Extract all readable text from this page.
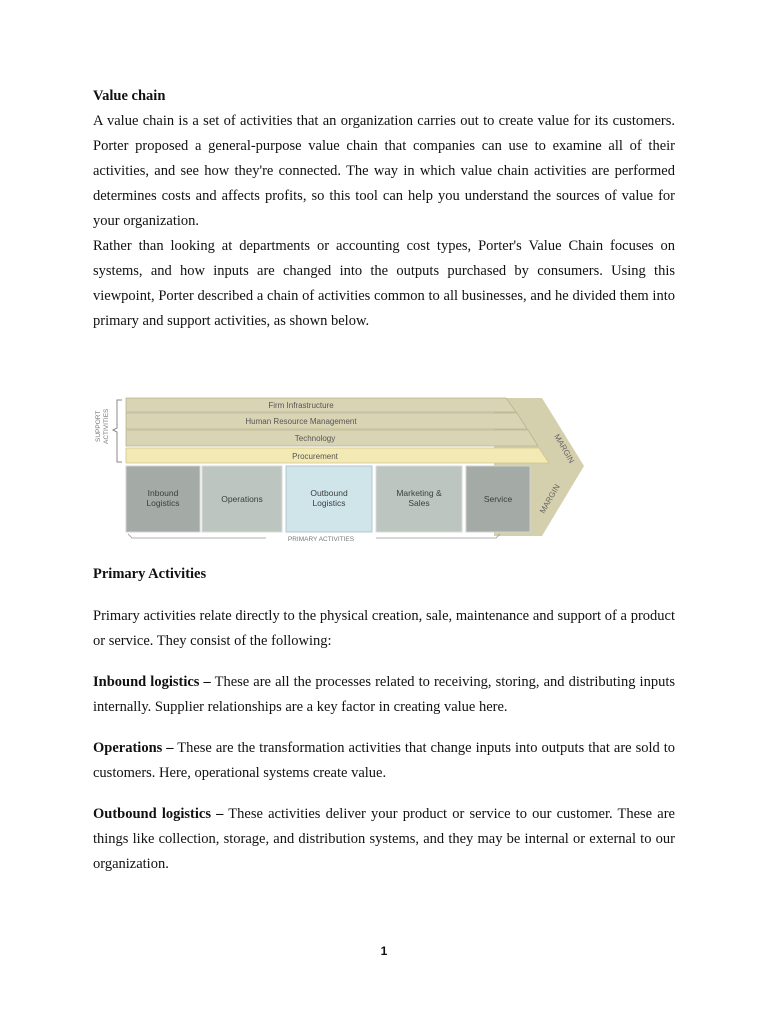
Value chain

A value chain is a set of activities that an organization carries out to create value for its customers. Porter proposed a general-purpose value chain that companies can use to examine all of their activities, and see how they're connected. The way in which value chain activities are performed determines costs and affects profits, so this tool can help you understand the sources of value for your organization.

Rather than looking at departments or accounting cost types, Porter's Value Chain focuses on systems, and how inputs are changed into the outputs purchased by consumers. Using this viewpoint, Porter described a chain of activities common to all businesses, and he divided them into primary and support activities, as shown below.

SUPPORT ACTIVITIES
MARGIN
MARGIN
Firm Infrastructure
Human Resource Management
Technology
Procurement
Inbound
Logistics	Operations
Outbound
Logistics
Marketing &
Sales	Service
PRIMARY ACTIVITIES

Primary Activities

Primary activities relate directly to the physical creation, sale, maintenance and support of a product or service. They consist of the following:

Inbound logistics – These are all the processes related to receiving, storing, and distributing inputs internally. Supplier relationships are a key factor in creating value here.

Operations – These are the transformation activities that change inputs into outputs that are sold to customers. Here, operational systems create value.

Outbound logistics – These activities deliver your product or service to our customer. These are things like collection, storage, and distribution systems, and they may be internal or external to our organization.

1
